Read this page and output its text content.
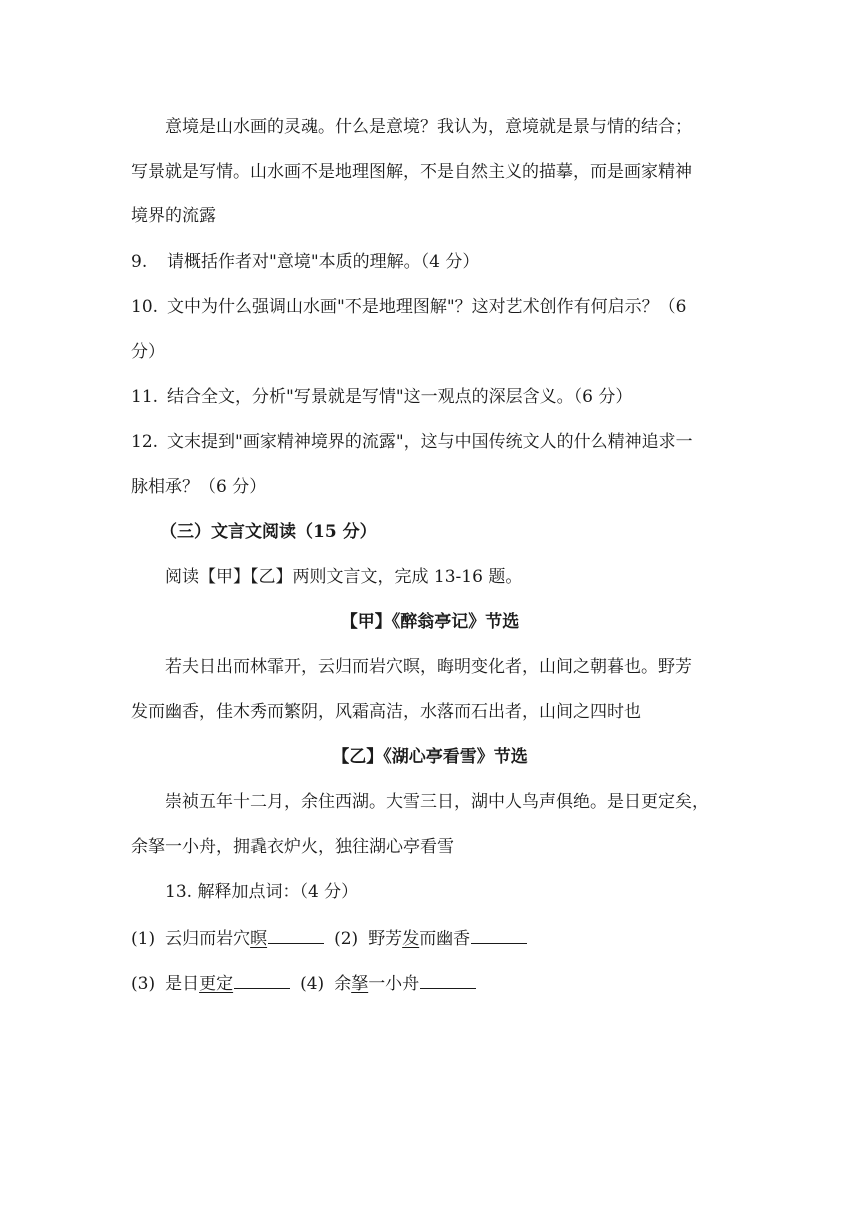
意境是山水画的灵魂。什么是意境？我认为，意境就是景与情的结合；
写景就是写情。山水画不是地理图解，不是自然主义的描摹，而是画家精神
境界的流露
9. 请概括作者对"意境"本质的理解。（4 分）
10. 文中为什么强调山水画"不是地理图解"？这对艺术创作有何启示？（6
分）
11. 结合全文，分析"写景就是写情"这一观点的深层含义。（6 分）
12. 文末提到"画家精神境界的流露"，这与中国传统文人的什么精神追求一
脉相承？（6 分）
（三）文言文阅读（15 分）
阅读【甲】【乙】两则文言文，完成 13-16 题。
【甲】《醉翁亭记》节选
若夫日出而林霏开，云归而岩穴暝，晦明变化者，山间之朝暮也。野芳
发而幽香，佳木秀而繁阴，风霜高洁，水落而石出者，山间之四时也
【乙】《湖心亭看雪》节选
崇祯五年十二月，余住西湖。大雪三日，湖中人鸟声俱绝。是日更定矣，
余拏一小舟，拥毳衣炉火，独往湖心亭看雪
13. 解释加点词：（4 分）
(1) 云归而岩穴暝	(2) 野芳发而幽香
(3) 是日更定	(4) 余拏一小舟
